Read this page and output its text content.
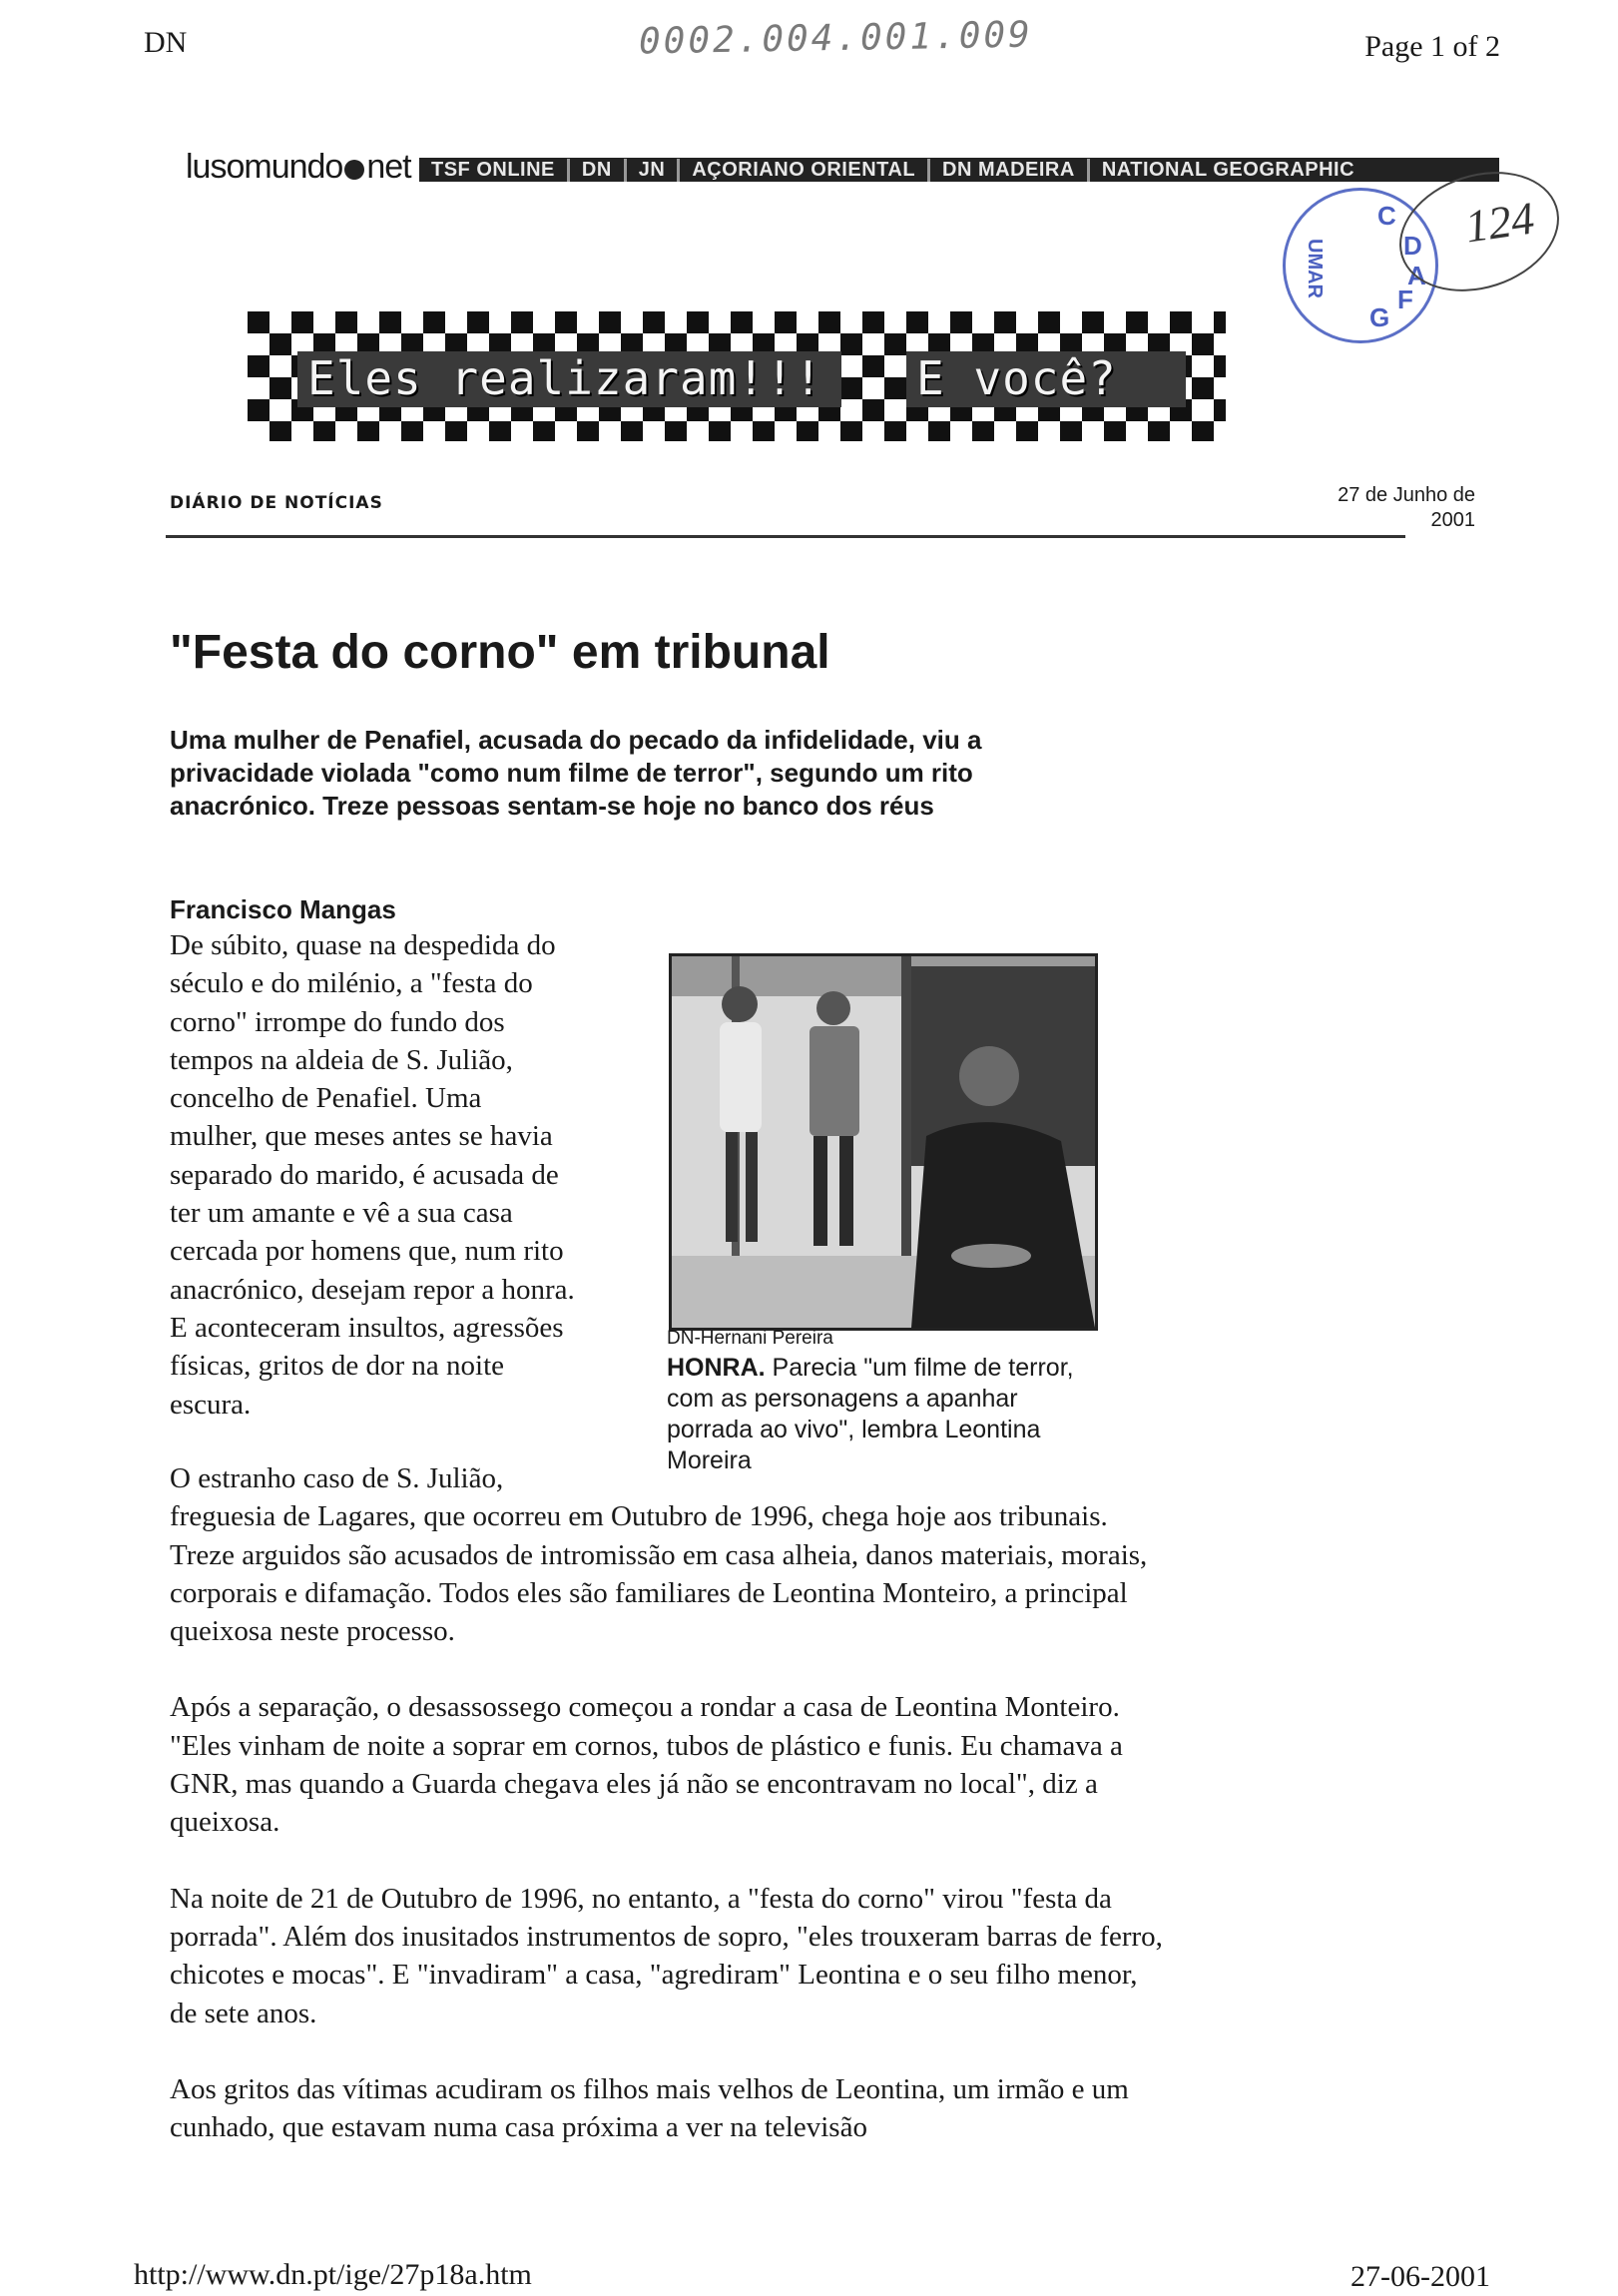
DN	0002.004.001.009	Page 1 of 2
lusomundo net	TSF ONLINE	DN	JN	AÇORIANO ORIENTAL	DN MADEIRA	NATIONAL GEOGRAPHIC
C
D
A
F
G
UMAR
124
Eles realizaram!!! E você?
DIÁRIO DE NOTÍCIAS	27 de Junho de
2001
"Festa do corno" em tribunal
Uma mulher de Penafiel, acusada do pecado da infidelidade, viu a privacidade violada "como num filme de terror", segundo um rito anacrónico. Treze pessoas sentam-se hoje no banco dos réus
Francisco Mangas

De súbito, quase na despedida do

século e do milénio, a "festa do

corno" irrompe do fundo dos

tempos na aldeia de S. Julião,

concelho de Penafiel. Uma

mulher, que meses antes se havia

separado do marido, é acusada de

ter um amante e vê a sua casa

cercada por homens que, num rito

anacrónico, desejam repor a honra.

E aconteceram insultos, agressões

físicas, gritos de dor na noite

escura.

DN-Hernani Pereira
HONRA. Parecia "um filme de terror, com as personagens a apanhar porrada ao vivo", lembra Leontina Moreira

O estranho caso de S. Julião,
freguesia de Lagares, que ocorreu em Outubro de 1996, chega hoje aos tribunais. Treze arguidos são acusados de intromissão em casa alheia, danos materiais, morais, corporais e difamação. Todos eles são familiares de Leontina Monteiro, a principal queixosa neste processo.

Após a separação, o desassossego começou a rondar a casa de Leontina Monteiro. "Eles vinham de noite a soprar em cornos, tubos de plástico e funis. Eu chamava a GNR, mas quando a Guarda chegava eles já não se encontravam no local", diz a queixosa.

Na noite de 21 de Outubro de 1996, no entanto, a "festa do corno" virou "festa da porrada". Além dos inusitados instrumentos de sopro, "eles trouxeram barras de ferro, chicotes e mocas". E "invadiram" a casa, "agrediram" Leontina e o seu filho menor, de sete anos.

Aos gritos das vítimas acudiram os filhos mais velhos de Leontina, um irmão e um cunhado, que estavam numa casa próxima a ver na televisão

http://www.dn.pt/ige/27p18a.htm	27-06-2001
